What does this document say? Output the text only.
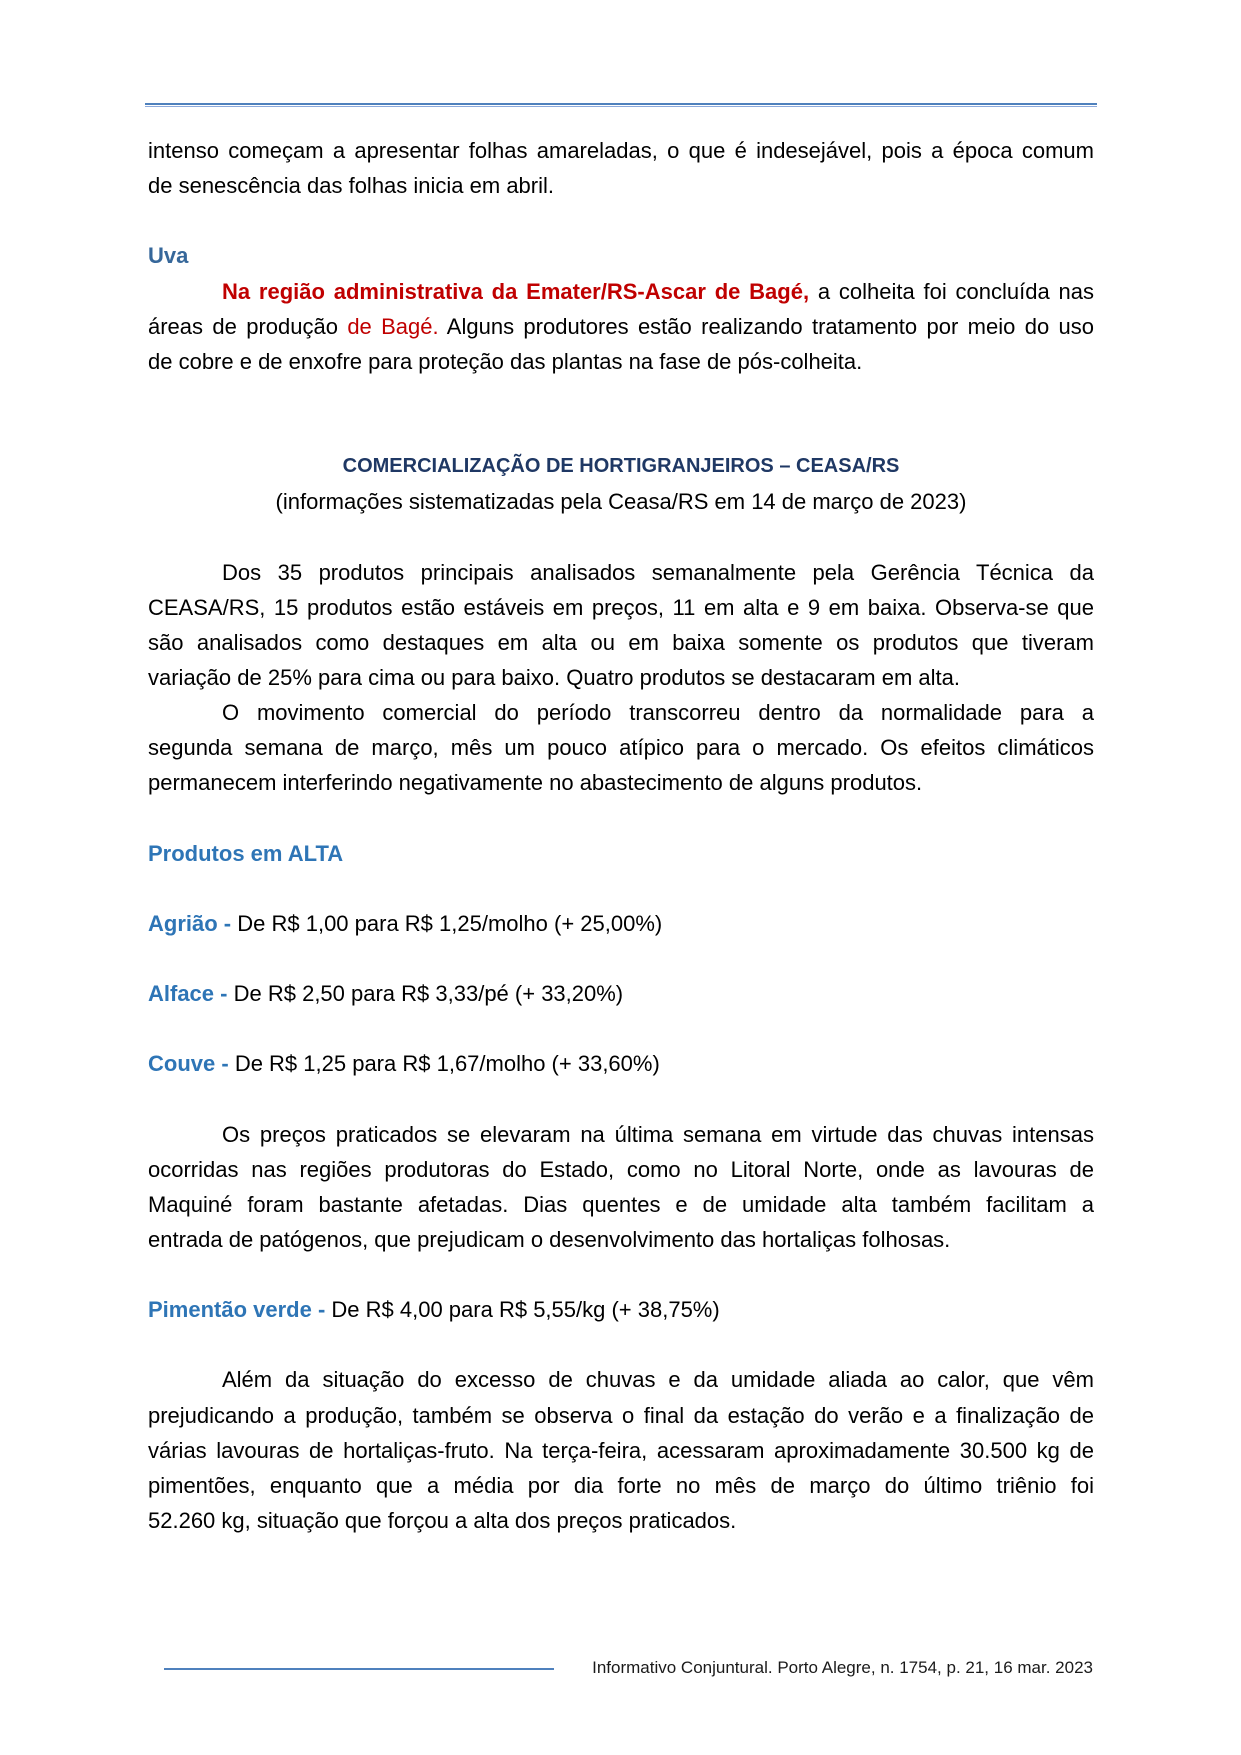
intenso começam a apresentar folhas amareladas, o que é indesejável, pois a época comum
de senescência das folhas inicia em abril.
Uva
Na região administrativa da Emater/RS-Ascar de Bagé, a colheita foi concluída nas
áreas de produção de Bagé. Alguns produtores estão realizando tratamento por meio do uso
de cobre e de enxofre para proteção das plantas na fase de pós-colheita.
COMERCIALIZAÇÃO DE HORTIGRANJEIROS – CEASA/RS
(informações sistematizadas pela Ceasa/RS em 14 de março de 2023)
Dos 35 produtos principais analisados semanalmente pela Gerência Técnica da
CEASA/RS, 15 produtos estão estáveis em preços, 11 em alta e 9 em baixa. Observa-se que
são analisados como destaques em alta ou em baixa somente os produtos que tiveram
variação de 25% para cima ou para baixo. Quatro produtos se destacaram em alta.
O movimento comercial do período transcorreu dentro da normalidade para a
segunda semana de março, mês um pouco atípico para o mercado. Os efeitos climáticos
permanecem interferindo negativamente no abastecimento de alguns produtos.
Produtos em ALTA
Agrião - De R$ 1,00 para R$ 1,25/molho (+ 25,00%)
Alface - De R$ 2,50 para R$ 3,33/pé (+ 33,20%)
Couve - De R$ 1,25 para R$ 1,67/molho (+ 33,60%)
Os preços praticados se elevaram na última semana em virtude das chuvas intensas
ocorridas nas regiões produtoras do Estado, como no Litoral Norte, onde as lavouras de
Maquiné foram bastante afetadas. Dias quentes e de umidade alta também facilitam a
entrada de patógenos, que prejudicam o desenvolvimento das hortaliças folhosas.
Pimentão verde - De R$ 4,00 para R$ 5,55/kg (+ 38,75%)
Além da situação do excesso de chuvas e da umidade aliada ao calor, que vêm
prejudicando a produção, também se observa o final da estação do verão e a finalização de
várias lavouras de hortaliças-fruto. Na terça-feira, acessaram aproximadamente 30.500 kg de
pimentões, enquanto que a média por dia forte no mês de março do último triênio foi
52.260 kg, situação que forçou a alta dos preços praticados.
Informativo Conjuntural. Porto Alegre, n. 1754, p. 21, 16 mar. 2023
